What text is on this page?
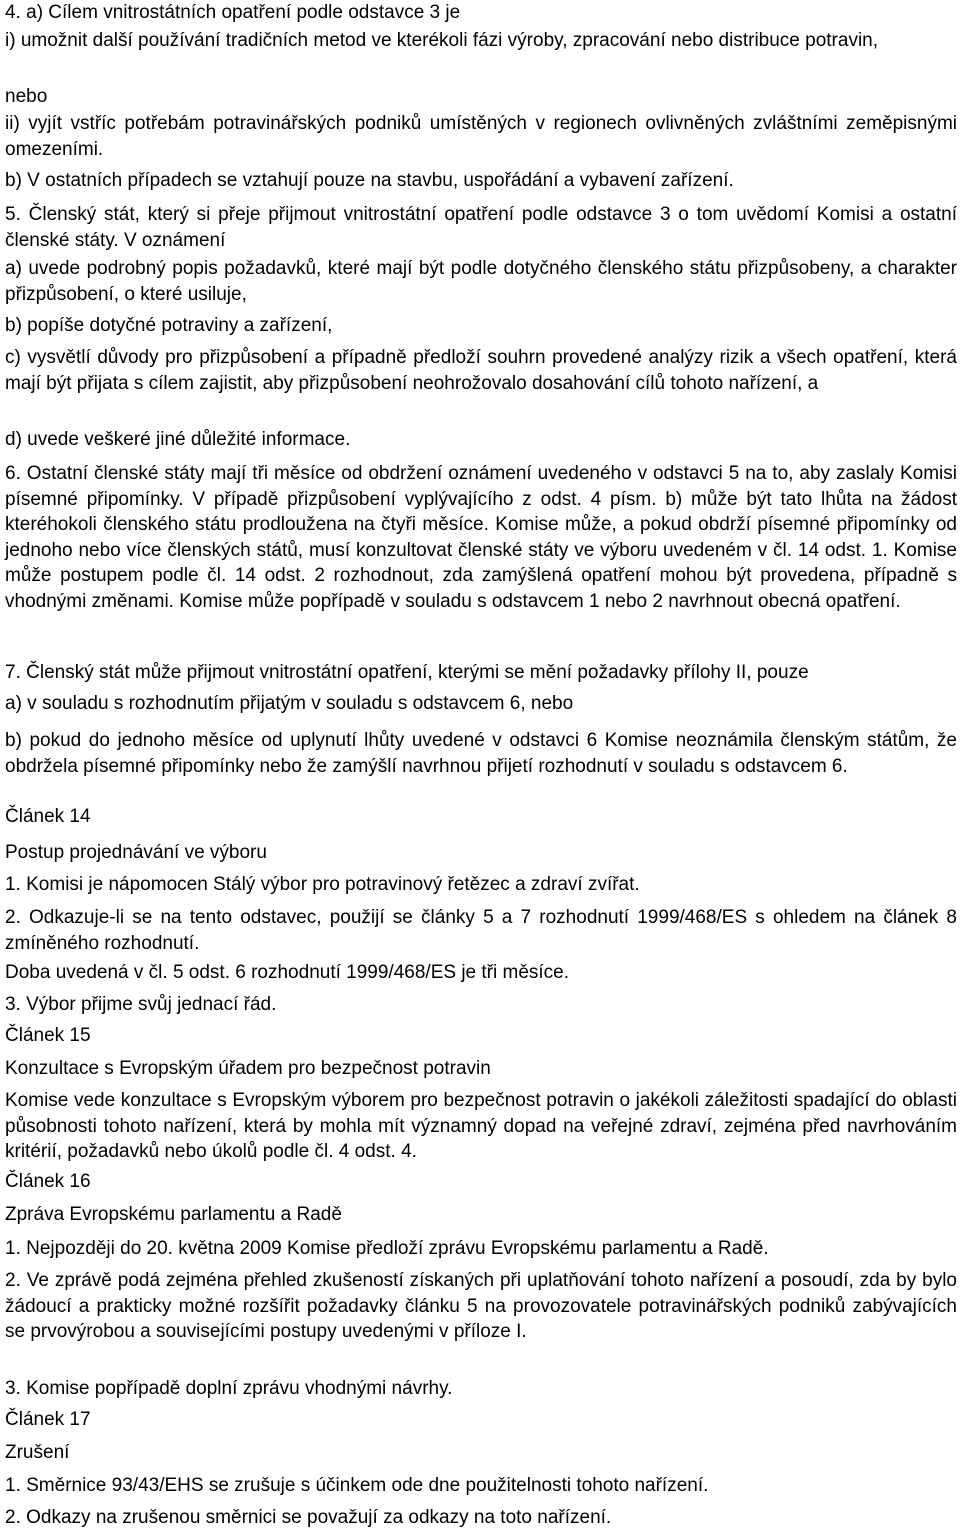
4. a) Cílem vnitrostátních opatření podle odstavce 3 je

i) umožnit další používání tradičních metod ve kterékoli fázi výroby, zpracování nebo distribuce potravin,

nebo

ii) vyjít vstříc potřebám potravinářských podniků umístěných v regionech ovlivněných zvláštními zeměpisnými omezeními.

b) V ostatních případech se vztahují pouze na stavbu, uspořádání a vybavení zařízení.

5. Členský stát, který si přeje přijmout vnitrostátní opatření podle odstavce 3 o tom uvědomí Komisi a ostatní členské státy. V oznámení

a) uvede podrobný popis požadavků, které mají být podle dotyčného členského státu přizpůsobeny, a charakter přizpůsobení, o které usiluje,

b) popíše dotyčné potraviny a zařízení,

c) vysvětlí důvody pro přizpůsobení a případně předloží souhrn provedené analýzy rizik a všech opatření, která mají být přijata s cílem zajistit, aby přizpůsobení neohrožovalo dosahování cílů tohoto nařízení, a

d) uvede veškeré jiné důležité informace.

6. Ostatní členské státy mají tři měsíce od obdržení oznámení uvedeného v odstavci 5 na to, aby zaslaly Komisi písemné připomínky. V případě přizpůsobení vyplývajícího z odst. 4 písm. b) může být tato lhůta na žádost kteréhokoli členského státu prodloužena na čtyři měsíce. Komise může, a pokud obdrží písemné připomínky od jednoho nebo více členských států, musí konzultovat členské státy ve výboru uvedeném v čl. 14 odst. 1. Komise může postupem podle čl. 14 odst. 2 rozhodnout, zda zamýšlená opatření mohou být provedena, případně s vhodnými změnami. Komise může popřípadě v souladu s odstavcem 1 nebo 2 navrhnout obecná opatření.

7. Členský stát může přijmout vnitrostátní opatření, kterými se mění požadavky přílohy II, pouze

a) v souladu s rozhodnutím přijatým v souladu s odstavcem 6, nebo

b) pokud do jednoho měsíce od uplynutí lhůty uvedené v odstavci 6 Komise neoznámila členským státům, že obdržela písemné připomínky nebo že zamýšlí navrhnou přijetí rozhodnutí v souladu s odstavcem 6.

Článek 14

Postup projednávání ve výboru

1. Komisi je nápomocen Stálý výbor pro potravinový řetězec a zdraví zvířat.

2. Odkazuje-li se na tento odstavec, použijí se články 5 a 7 rozhodnutí 1999/468/ES s ohledem na článek 8 zmíněného rozhodnutí.

Doba uvedená v čl. 5 odst. 6 rozhodnutí 1999/468/ES je tři měsíce.

3. Výbor přijme svůj jednací řád.

Článek 15

Konzultace s Evropským úřadem pro bezpečnost potravin

Komise vede konzultace s Evropským výborem pro bezpečnost potravin o jakékoli záležitosti spadající do oblasti působnosti tohoto nařízení, která by mohla mít významný dopad na veřejné zdraví, zejména před navrhováním kritérií, požadavků nebo úkolů podle čl. 4 odst. 4.

Článek 16

Zpráva Evropskému parlamentu a Radě

1. Nejpozději do 20. května 2009 Komise předloží zprávu Evropskému parlamentu a Radě.

2. Ve zprávě podá zejména přehled zkušeností získaných při uplatňování tohoto nařízení a posoudí, zda by bylo žádoucí a prakticky možné rozšířit požadavky článku 5 na provozovatele potravinářských podniků zabývajících se prvovýrobou a souvisejícími postupy uvedenými v příloze I.

3. Komise popřípadě doplní zprávu vhodnými návrhy.

Článek 17

Zrušení

1. Směrnice 93/43/EHS se zrušuje s účinkem ode dne použitelnosti tohoto nařízení.

2. Odkazy na zrušenou směrnici se považují za odkazy na toto nařízení.
